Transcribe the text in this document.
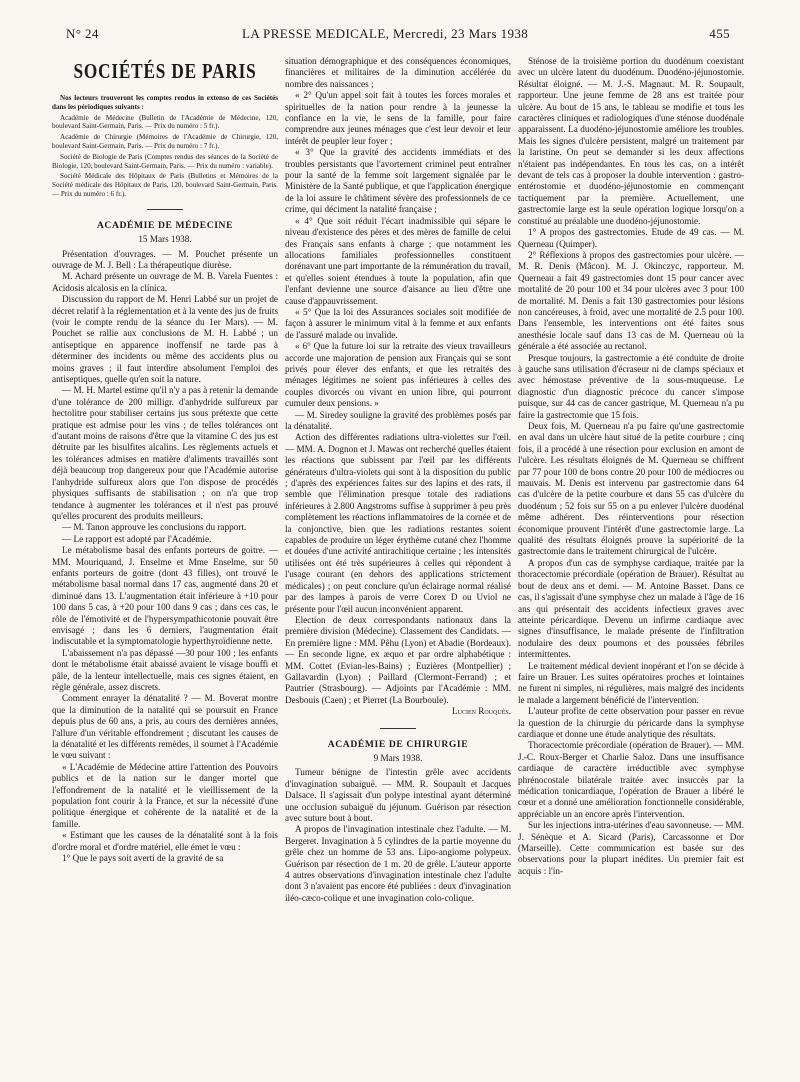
N° 24	LA PRESSE MEDICALE, Mercredi, 23 Mars 1938	455
SOCIÉTÉS DE PARIS

Nos lecteurs trouveront les comptes rendus in extenso de ces Sociétés dans les périodiques suivants :

Académie de Médecine (Bulletin de l'Académie de Médecine, 120, boulevard Saint-Germain, Paris. — Prix du numéro : 5 fr.).

Académie de Chirurgie (Mémoires de l'Académie de Chirurgie, 120, boulevard Saint-Germain, Paris. — Prix du numéro : 7 fr.).

Société de Biologie de Paris (Comptes rendus des séances de la Société de Biologie, 120, boulevard Saint-Germain, Paris. — Prix du numéro : variable).

Société Médicale des Hôpitaux de Paris (Bulletins et Mémoires de la Société médicale des Hôpitaux de Paris, 120, boulevard Saint-Germain, Paris. — Prix du numéro : 6 fr.).

ACADÉMIE DE MÉDECINE
15 Mars 1938.

Présentation d'ouvrages. — M. Pouchet présente un ouvrage de M. J. Bell : La thérapeutique diurèse.

M. Achard présente un ouvrage de M. B. Varela Fuentes : Acidosis alcalosis en la clínica.

Discussion du rapport de M. Henri Labbé sur un projet de décret relatif à la réglementation et à la vente des jus de fruits (voir le compte rendu de la séance du 1er Mars). — M. Pouchet se rallie aux conclusions de M. H. Labbé ; un antiseptique en apparence inoffensif ne tarde pas à déterminer des incidents ou même des accidents plus ou moins graves ; il faut interdire absolument l'emploi des antiseptiques, quelle qu'en soit la nature.

— M. H. Martel estime qu'il n'y a pas à retenir la demande d'une tolérance de 200 milligr. d'anhydride sulfureux par hectolitre pour stabiliser certains jus sous prétexte que cette pratique est admise pour les vins ; de telles tolérances ont d'autant moins de raisons d'être que la vitamine C des jus est détruite par les bisulfites alcalins. Les règlements actuels et les tolérances admises en matière d'aliments travaillés sont déjà beaucoup trop dangereux pour que l'Académie autorise l'anhydride sulfureux alors que l'on dispose de procédés physiques suffisants de stabilisation ; on n'a que trop tendance à augmenter les tolérances et il n'est pas prouvé qu'elles procurent des produits meilleurs.

— M. Tanon approuve les conclusions du rapport.

— Le rapport est adopté par l'Académie.

Le métabolisme basal des enfants porteurs de goitre. — MM. Mouriquand, J. Enselme et Mme Enselme, sur 50 enfants porteurs de goitre (dont 43 filles), ont trouvé le métabolisme basal normal dans 17 cas, augmenté dans 20 et diminué dans 13. L'augmentation était inférieure à +10 pour 100 dans 5 cas, à +20 pour 100 dans 9 cas ; dans ces cas, le rôle de l'émotivité et de l'hypersympathicotonie pouvait être envisagé ; dans les 6 derniers, l'augmentation était indiscutable et la symptomatologie hyperthyroïdienne nette.

L'abaissement n'a pas dépassé —30 pour 100 ; les enfants dont le métabolisme était abaissé avaient le visage bouffi et pâle, de la lenteur intellectuelle, mais ces signes étaient, en règle générale, assez discrets.

Comment enrayer la dénatalité ? — M. Boverat montre que la diminution de la natalité qui se poursuit en France depuis plus de 60 ans, a pris, au cours des dernières années, l'allure d'un véritable effondrement ; discutant les causes de la dénatalité et les différents remèdes, il soumet à l'Académie le vœu suivant :

« L'Académie de Médecine attire l'attention des Pouvoirs publics et de la nation sur le danger mortel que l'effondrement de la natalité et le vieillissement de la population font courir à la France, et sur la nécessité d'une politique énergique et cohérente de la natalité et de la famille.

« Estimant que les causes de la dénatalité sont à la fois d'ordre moral et d'ordre matériel, elle émet le vœu :

1° Que le pays soit averti de la gravité de sa

situation démographique et des conséquences économiques, financières et militaires de la diminution accélérée du nombre des naissances ;

« 2° Qu'un appel soit fait à toutes les forces morales et spirituelles de la nation pour rendre à la jeunesse la confiance en la vie, le sens de la famille, pour faire comprendre aux jeunes ménages que c'est leur devoir et leur intérêt de peupler leur foyer ;

« 3° Que la gravité des accidents immédiats et des troubles persistants que l'avortement criminel peut entraîner pour la santé de la femme soit largement signalée par le Ministère de la Santé publique, et que l'application énergique de la loi assure le châtiment sévère des professionnels de ce crime, qui déciment la natalité française ;

« 4° Que soit réduit l'écart inadmissible qui sépare le niveau d'existence des pères et des mères de famille de celui des Français sans enfants à charge ; que notamment les allocations familiales professionnelles constituent dorénavant une part importante de la rémunération du travail, et qu'elles soient étendues à toute la population, afin que l'enfant devienne une source d'aisance au lieu d'être une cause d'appauvrissement.

« 5° Que la loi des Assurances sociales soit modifiée de façon à assurer le minimum vital à la femme et aux enfants de l'assuré malade ou invalide.

« 6° Que la future loi sur la retraite des vieux travailleurs accorde une majoration de pension aux Français qui se sont privés pour élever des enfants, et que les retraités des ménages légitimes ne soient pas inférieures à celles des couples divorcés ou vivant en union libre, qui pourront cumuler deux pensions. »

— M. Siredey souligne la gravité des problèmes posés par la dénatalité.

Action des différentes radiations ultra-violettes sur l'œil. — MM. A. Dognon et J. Mawas ont recherché quelles étaient les réactions que subissent par l'œil par les différents générateurs d'ultra-violets qui sont à la disposition du public ; d'après des expériences faites sur des lapins et des rats, il semble que l'élimination presque totale des radiations inférieures à 2.800 Angstroms suffise à supprimer à peu près complètement les réactions inflammatoires de la cornée et de la conjonctive, bien que les radiations restantes soient capables de produire un léger érythème cutané chez l'homme et douées d'une activité antirachitique certaine ; les intensités utilisées ont été très supérieures à celles qui répondent à l'usage courant (en dehors des applications strictement médicales) ; on peut conclure qu'un éclairage normal réalisé par des lampes à parois de verre Corex D ou Uviol ne présente pour l'œil aucun inconvénient apparent.

Election de deux correspondants nationaux dans la première division (Médecine). Classement des Candidats. — En première ligne : MM. Pêhu (Lyon) et Abadie (Bordeaux). — En seconde ligne, ex æquo et par ordre alphabétique : MM. Cottet (Evian-les-Bains) ; Euzières (Montpellier) ; Gallavardin (Lyon) ; Paillard (Clermont-Ferrand) ; et Pautrier (Strasbourg). — Adjoints par l'Académie : MM. Desbouis (Caen) ; et Pierret (La Bourboule).

Lucien Rouquès.
ACADÉMIE DE CHIRURGIE
9 Mars 1938.

Tumeur bénigne de l'intestin grêle avec accidents d'invagination subaiguë. — MM. R. Soupault et Jacques Dalsace. Il s'agissait d'un polype intestinal ayant déterminé une occlusion subaiguë du jéjunum. Guérison par résection avec suture bout à bout.

A propos de l'invagination intestinale chez l'adulte. — M. Bergeret. Invagination à 5 cylindres de la partie moyenne du grêle chez un homme de 53 ans. Lipo-angiome polypeux. Guérison par résection de 1 m. 20 de grêle. L'auteur apporte 4 autres observations d'invagination intestinale chez l'adulte dont 3 n'avaient pas encore été publiées : deux d'invagination iléo-cæco-colique et une invagination colo-colique.

Sténose de la troisième portion du duodénum coexistant avec un ulcère latent du duodénum. Duodéno-jéjunostomie. Résultat éloigné. — M. J.-S. Magnaut. M. R. Soupault, rapporteur. Une jeune femme de 28 ans est traitée pour ulcère. Au bout de 15 ans, le tableau se modifie et tous les caractères cliniques et radiologiques d'une sténose duodénale apparaissent. La duodéno-jéjunostomie améliore les troubles. Mais les signes d'ulcère persistent, malgré un traitement par la laristine. On peut se demander si les deux affections n'étaient pas indépendantes. En tous les cas, on a intérêt devant de tels cas à proposer la double intervention : gastro-entérostomie et duodéno-jéjunostomie en commençant tactiquement par la première. Actuellement, une gastrectomie large est la seule opération logique lorsqu'on a constitué au préalable une duodéno-jéjunostomie.

1° A propos des gastrectomies. Etude de 49 cas. — M. Querneau (Quimper).

2° Réflexions à propos des gastrectomies pour ulcère. — M. R. Denis (Mâcon). M. J. Okinczyc, rapporteur. M. Querneau a fait 49 gastrectomies dont 15 pour cancer avec mortalité de 20 pour 100 et 34 pour ulcères avec 3 pour 100 de mortalité. M. Denis a fait 130 gastrectomies pour lésions non cancéreuses, à froid, avec une mortalité de 2.5 pour 100. Dans l'ensemble, les interventions ont été faites sous anesthésie locale sauf dans 13 cas de M. Querneau où la générale a été associée au rectanol.

Presque toujours, la gastrectomie a été conduite de droite à gauche sans utilisation d'écraseur ni de clamps spéciaux et avec hémostase préventive de la sous-muqueuse. Le diagnostic d'un diagnostic précoce du cancer s'impose puisque, sur 44 cas de cancer gastrique, M. Querneau n'a pu faire la gastrectomie que 15 fois.

Deux fois, M. Querneau n'a pu faire qu'une gastrectomie en aval dans un ulcère haut situé de la petite courbure ; cinq fois, il a procédé à une résection pour exclusion en amont de l'ulcère. Les résultats éloignés de M. Querneau se chiffrent par 77 pour 100 de bons contre 20 pour 100 de médiocres ou mauvais. M. Denis est intervenu par gastrectomie dans 64 cas d'ulcère de la petite courbure et dans 55 cas d'ulcère du duodénum ; 52 fois sur 55 on a pu enlever l'ulcère duodénal même adhérent. Des réinterventions pour résection économique prouvent l'intérêt d'une gastrectomie large. La qualité des résultats éloignés prouve la supériorité de la gastrectomie dans le traitement chirurgical de l'ulcère.

A propos d'un cas de symphyse cardiaque, traitée par la thoracectomie précordiale (opération de Brauer). Résultat au bout de deux ans et demi. — M. Antoine Basset. Dans ce cas, il s'agissait d'une symphyse chez un malade à l'âge de 16 ans qui présentait des accidents infectieux graves avec atteinte péricardique. Devenu un infirme cardiaque avec signes d'insuffisance, le malade présente de l'infiltration nodulaire des deux poumons et des poussées fébriles intermittentes.

Le traitement médical devient inopérant et l'on se décide à faire un Brauer. Les suites opératoires proches et lointaines ne furent ni simples, ni régulières, mais malgré des incidents le malade a largement bénéficié de l'intervention.

L'auteur profite de cette observation pour passer en revue la question de la chirurgie du péricarde dans la symphyse cardiaque et donne une étude analytique des résultats.

Thoracectomie précordiale (opération de Brauer). — MM. J.-C. Roux-Berger et Charlie Saloz. Dans une insuffisance cardiaque de caractère irréductible avec symphyse phrénocostale bilatérale traitée avec insuccès par la médication tonicardiaque, l'opération de Brauer a libéré le cœur et a donné une amélioration fonctionnelle considérable, appréciable un an encore après l'intervention.

Sur les injections intra-utérines d'eau savonneuse. — MM. J. Sénèque et A. Sicard (Paris), Carcassonne et Dor (Marseille). Cette communication est basée sur des observations pour la plupart inédites. Un premier fait est acquis : l'in-
